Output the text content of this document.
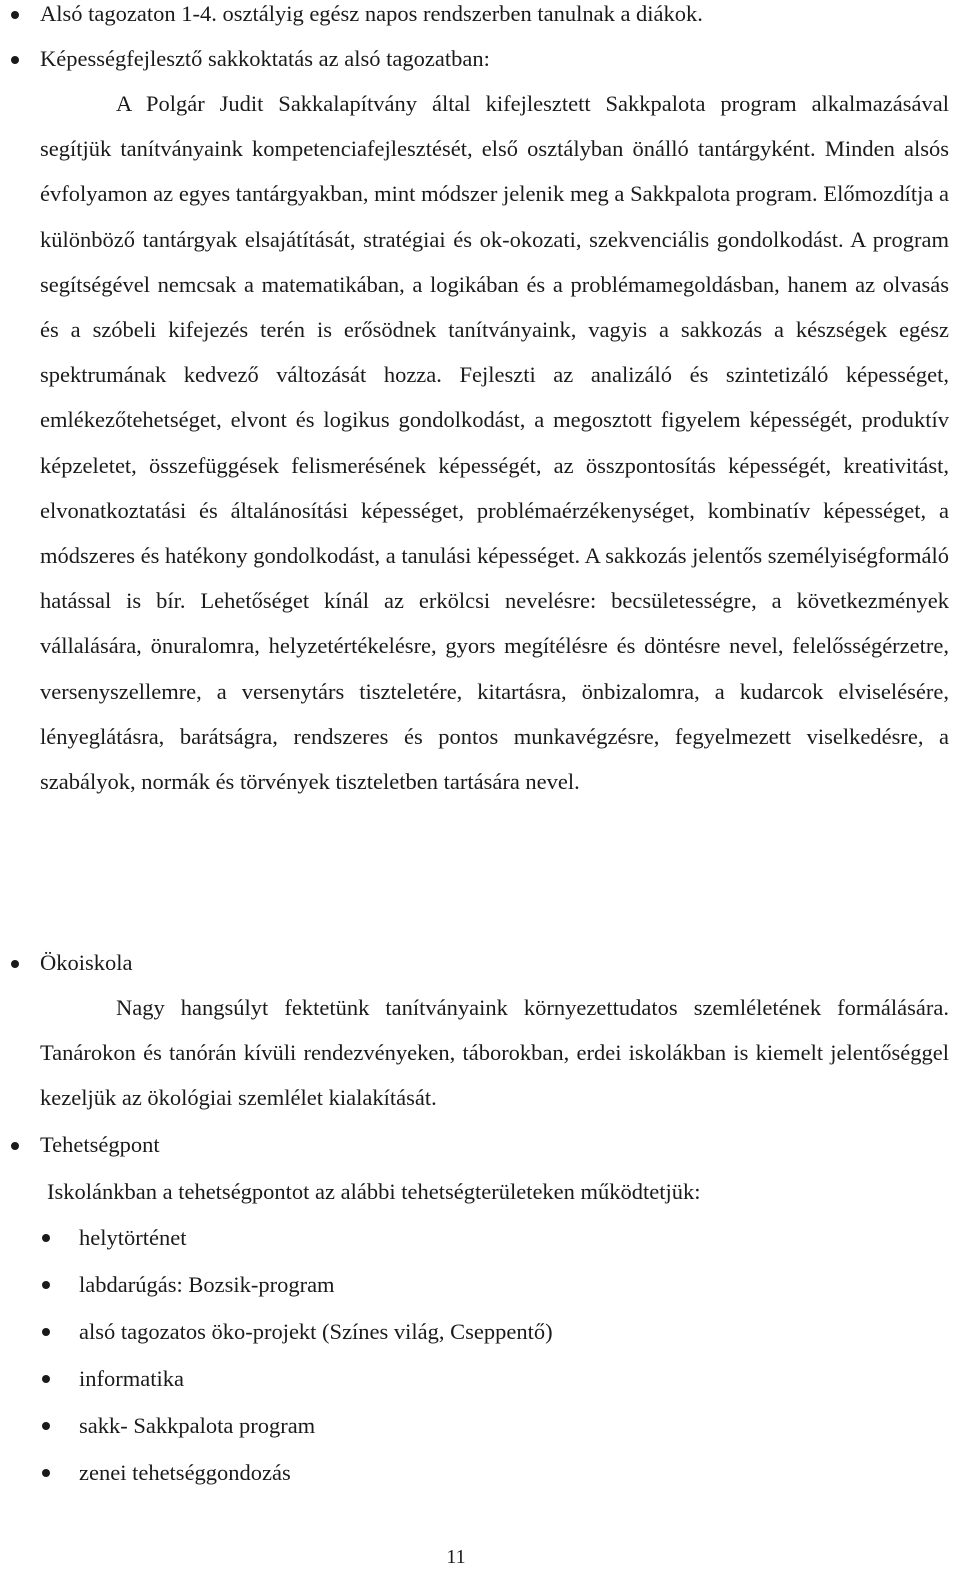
Alsó tagozaton 1-4. osztályig egész napos rendszerben tanulnak a diákok.
Képességfejlesztő sakkoktatás az alsó tagozatban:

A Polgár Judit Sakkalapítvány által kifejlesztett Sakkpalota program alkalmazásával segítjük tanítványaink kompetenciafejlesztését, első osztályban önálló tantárgyként. Minden alsós évfolyamon az egyes tantárgyakban, mint módszer jelenik meg a Sakkpalota program. Előmozdítja a különböző tantárgyak elsajátítását, stratégiai és ok-okozati, szekvenciális gondolkodást. A program segítségével nemcsak a matematikában, a logikában és a problémamegoldásban, hanem az olvasás és a szóbeli kifejezés terén is erősödnek tanítványaink, vagyis a sakkozás a készségek egész spektrumának kedvező változását hozza. Fejleszti az analizáló és szintetizáló képességet, emlékezőtehetséget, elvont és logikus gondolkodást, a megosztott figyelem képességét, produktív képzeletet, összefüggések felismerésének képességét, az összpontosítás képességét, kreativitást, elvonatkoztatási és általánosítási képességet, problémaérzékenységet, kombinatív képességet, a módszeres és hatékony gondolkodást, a tanulási képességet. A sakkozás jelentős személyiségformáló hatással is bír. Lehetőséget kínál az erkölcsi nevelésre: becsületességre, a következmények vállalására, önuralomra, helyzetértékelésre, gyors megítélésre és döntésre nevel, felelősségérzetre, versenyszellemre, a versenytárs tiszteletére, kitartásra, önbizalomra, a kudarcok elviselésére, lényeglátásra, barátságra, rendszeres és pontos munkavégzésre, fegyelmezett viselkedésre, a szabályok, normák és törvények tiszteletben tartására nevel.

Ökoiskola

Nagy hangsúlyt fektetünk tanítványaink környezettudatos szemléletének formálására. Tanárokon és tanórán kívüli rendezvényeken, táborokban, erdei iskolákban is kiemelt jelentőséggel kezeljük az ökológiai szemlélet kialakítását.

Tehetségpont
Iskolánkban a tehetségpontot az alábbi tehetségterületeken működtetjük:
helytörténet
labdarúgás: Bozsik-program
alsó tagozatos öko-projekt (Színes világ, Cseppentő)
informatika
sakk- Sakkpalota program
zenei tehetséggondozás
11
